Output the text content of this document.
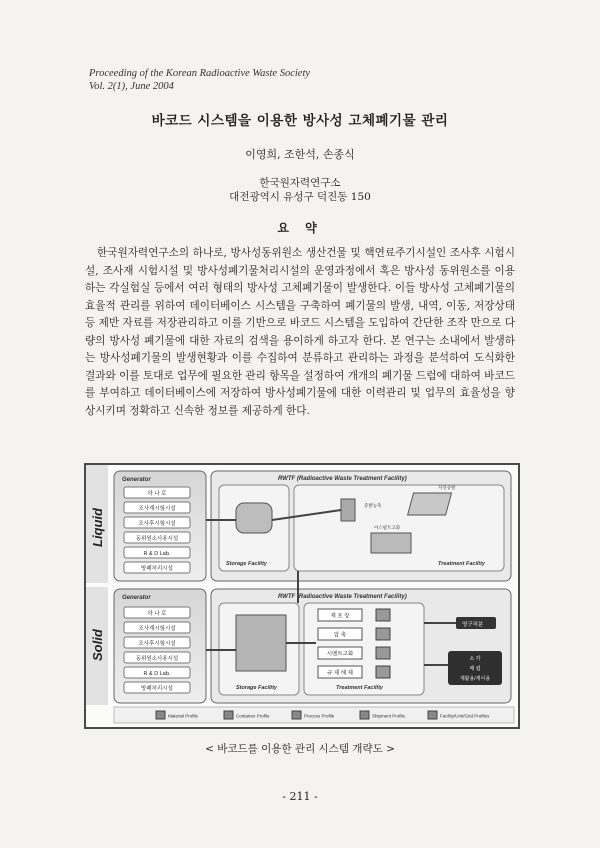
Proceeding of the Korean Radioactive Waste Society
Vol. 2(1), June 2004
바코드 시스템을 이용한 방사성 고체폐기물 관리
이영희, 조한석, 손종식
한국원자력연구소
대전광역시 유성구 덕진동 150
요 약
한국원자력연구소의 하나로, 방사성동위원소 생산건물 및 핵연료주기시설인 조사후 시험시설, 조사재 시험시설 및 방사성폐기물처리시설의 운영과정에서 혹은 방사성 동위원소를 이용하는 각실험실 등에서 여러 형태의 방사성 고체폐기물이 발생한다. 이들 방사성 고체폐기물의 효율적 관리를 위하여 데이터베이스 시스템을 구축하여 폐기물의 발생, 내역, 이동, 저장상태등 제반 자료를 저장관리하고 이를 기반으로 바코드 시스템을 도입하여 간단한 조작 만으로 다량의 방사성 폐기물에 대한 자료의 검색을 용이하게 하고자 한다. 본 연구는 소내에서 발생하는 방사성폐기물의 발생현황과 이를 수집하여 분류하고 관리하는 과정을 분석하여 도식화한 결과와 이를 토대로 업무에 필요한 관리 항목을 설정하여 개개의 폐기물 드럼에 대하여 바코드를 부여하고 데이터베이스에 저장하여 방사성폐기물에 대한 이력관리 및 업무의 효율성을 향상시키며 정확하고 신속한 정보를 제공하게 한다.
Liquid
Solid
Generator
하 나 로
조사재시험시설
조사후시험시설
동위원소사용시설
R & D Lab.
방폐처리시설
RWTF (Radioactive Waste Treatment Facility)
Storage Facility
증발농축
자연증발
아스팔트고화
Treatment Facility
Generator
하 나 로
조사재시험시설
조사후시험시설
동위원소사용시설
R & D Lab.
방폐처리시설
RWTF (Radioactive Waste Treatment Facility)
Storage Facility
재 포 장
압 축
시멘트고화
규 제 해 제
Treatment Facility
영구처분
소 각
매 립
재활용/재이용
Material Profile	Container Profile	Process Profile	Shipment Profile	Facility/Unit/Grid Profiles
< 바코드를 이용한 관리 시스템 개략도 >
- 211 -
